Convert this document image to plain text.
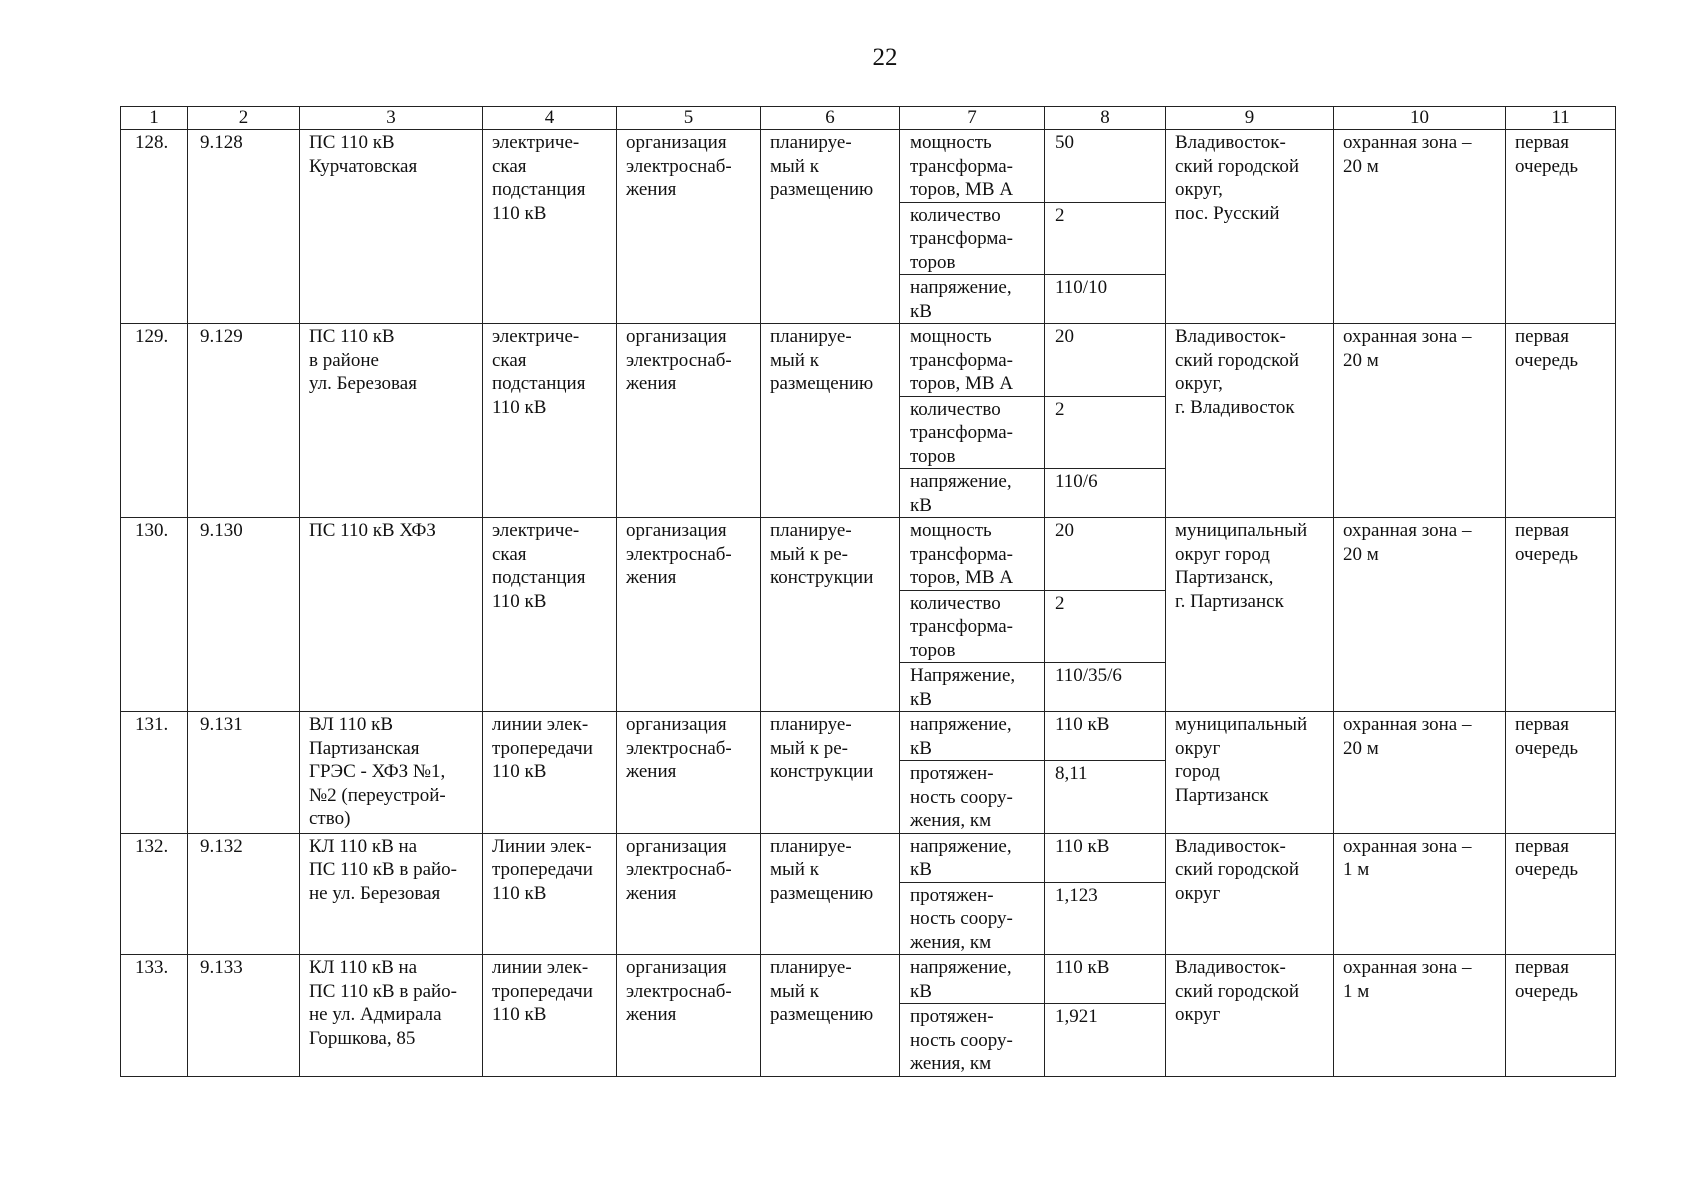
22
1	2	3	4	5	6	7	8	9	10	11

128.	9.128	ПС 110 кВ
Курчатовская	электриче-
ская
подстанция
110 кВ	организация
электроснаб-
жения	планируе-
мый к
размещению	мощность
трансформа-
торов, МВ А	50	Владивосток-
ский городской
округ,
пос. Русский	охранная зона –
20 м	первая
очередь

						количество
трансформа-
торов	2			

						напряжение,
кВ	110/10			

129.	9.129	ПС 110 кВ
в районе
ул. Березовая	электриче-
ская
подстанция
110 кВ	организация
электроснаб-
жения	планируе-
мый к
размещению	мощность
трансформа-
торов, МВ А	20	Владивосток-
ский городской
округ,
г. Владивосток	охранная зона –
20 м	первая
очередь

						количество
трансформа-
торов	2			

						напряжение,
кВ	110/6			

130.	9.130	ПС 110 кВ ХФЗ	электриче-
ская
подстанция
110 кВ	организация
электроснаб-
жения	планируе-
мый к ре-
конструкции	мощность
трансформа-
торов, МВ А	20	муниципальный
округ город
Партизанск,
г. Партизанск	охранная зона –
20 м	первая
очередь

						количество
трансформа-
торов	2			

						Напряжение,
кВ	110/35/6			

131.	9.131	ВЛ 110 кВ
Партизанская
ГРЭС - ХФЗ №1,
№2 (переустрой-
ство)	линии элек-
тропередачи
110 кВ	организация
электроснаб-
жения	планируе-
мый к ре-
конструкции	напряжение,
кВ	110 кВ	муниципальный
округ
город
Партизанск	охранная зона –
20 м	первая
очередь

						протяжен-
ность соору-
жения, км	8,11			

132.	9.132	КЛ 110 кВ на
ПС 110 кВ в райо-
не ул. Березовая	Линии элек-
тропередачи
110 кВ	организация
электроснаб-
жения	планируе-
мый к
размещению	напряжение,
кВ	110 кВ	Владивосток-
ский городской
округ	охранная зона –
1 м	первая
очередь

						протяжен-
ность соору-
жения, км	1,123			

133.	9.133	КЛ 110 кВ на
ПС 110 кВ в райо-
не ул. Адмирала
Горшкова, 85	линии элек-
тропередачи
110 кВ	организация
электроснаб-
жения	планируе-
мый к
размещению	напряжение,
кВ	110 кВ	Владивосток-
ский городской
округ	охранная зона –
1 м	первая
очередь

						протяжен-
ность соору-
жения, км	1,921			
